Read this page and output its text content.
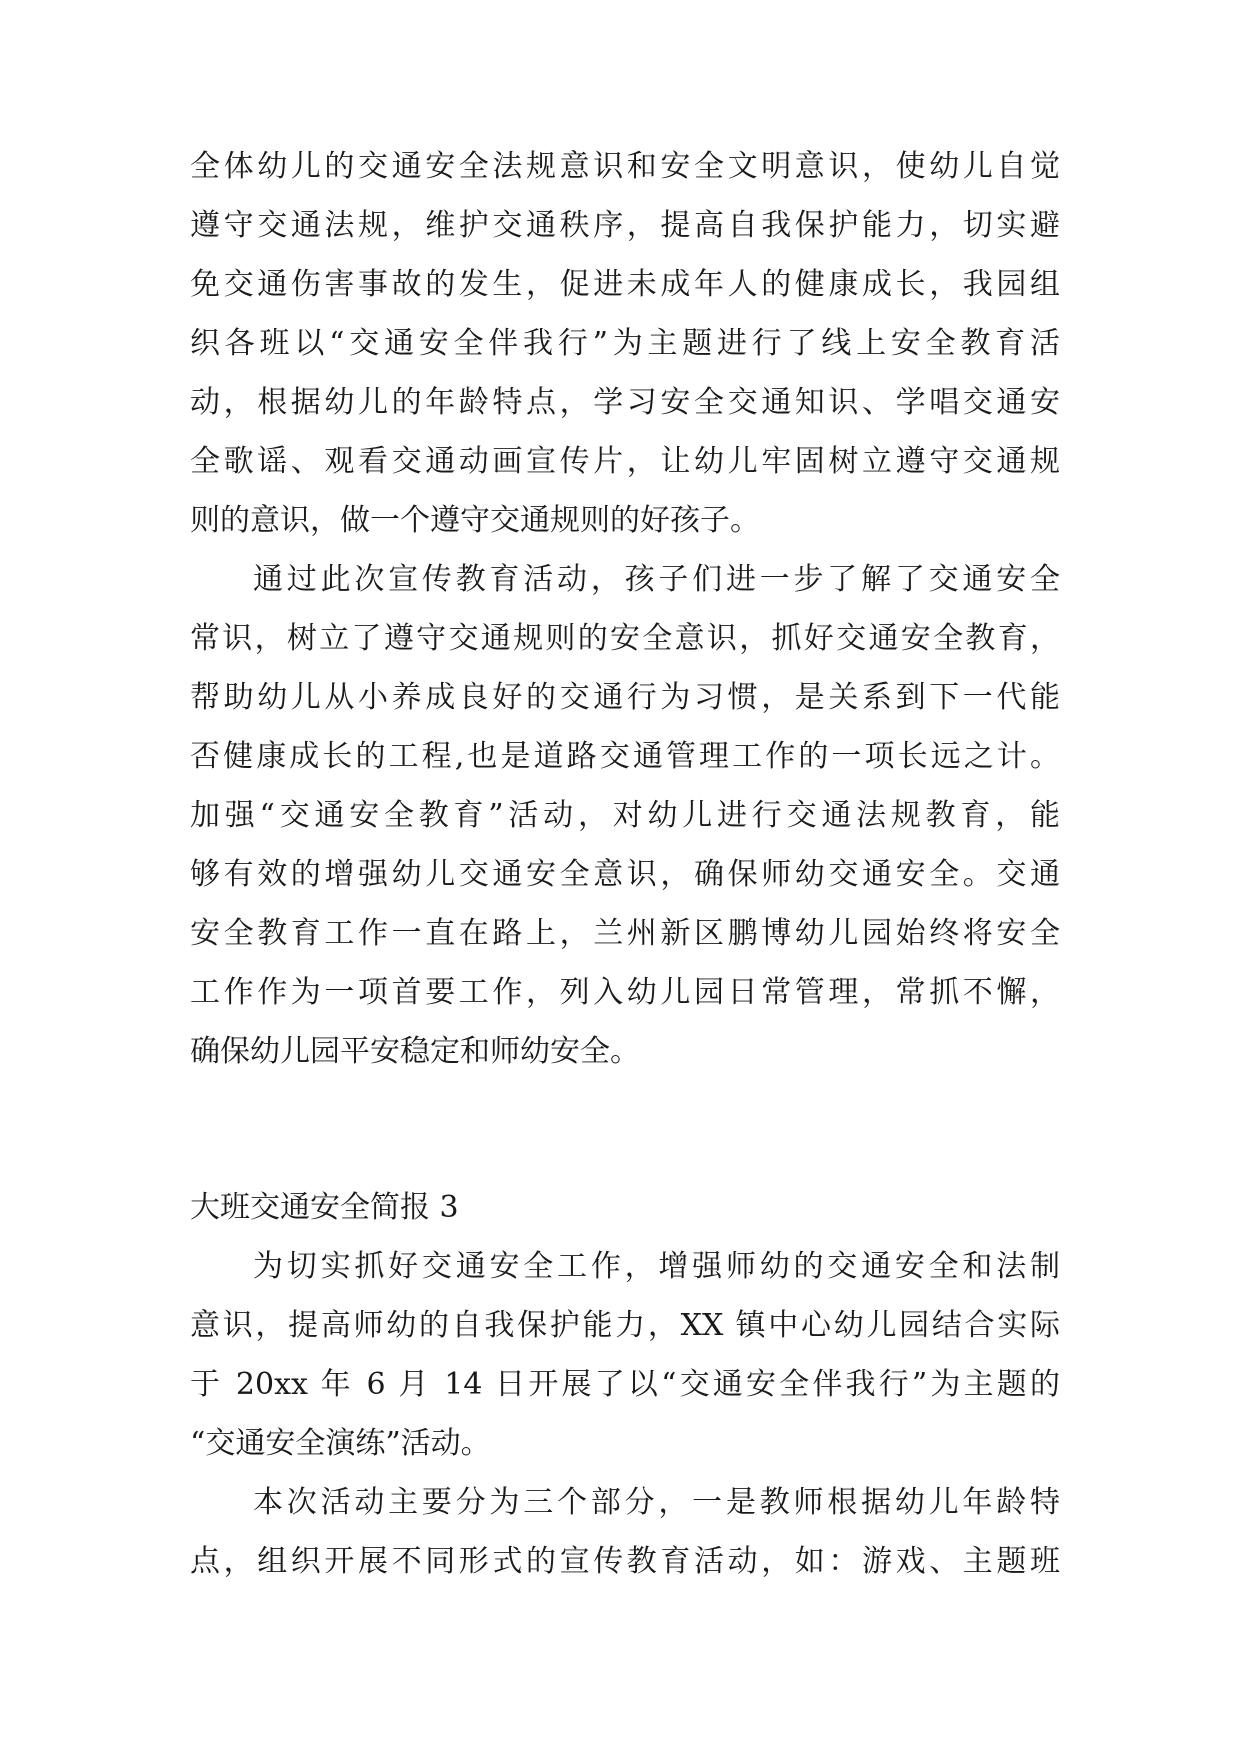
全体幼儿的交通安全法规意识和安全文明意识，使幼儿自觉
遵守交通法规，维护交通秩序，提高自我保护能力，切实避
免交通伤害事故的发生，促进未成年人的健康成长，我园组
织各班以“交通安全伴我行”为主题进行了线上安全教育活
动，根据幼儿的年龄特点，学习安全交通知识、学唱交通安
全歌谣、观看交通动画宣传片，让幼儿牢固树立遵守交通规
则的意识，做一个遵守交通规则的好孩子。
通过此次宣传教育活动，孩子们进一步了解了交通安全
常识，树立了遵守交通规则的安全意识，抓好交通安全教育，
帮助幼儿从小养成良好的交通行为习惯，是关系到下一代能
否健康成长的工程,也是道路交通管理工作的一项长远之计。
加强“交通安全教育”活动，对幼儿进行交通法规教育，能
够有效的增强幼儿交通安全意识，确保师幼交通安全。交通
安全教育工作一直在路上，兰州新区鹏博幼儿园始终将安全
工作作为一项首要工作，列入幼儿园日常管理，常抓不懈，
确保幼儿园平安稳定和师幼安全。
大班交通安全简报 3
为切实抓好交通安全工作，增强师幼的交通安全和法制
意识，提高师幼的自我保护能力，XX 镇中心幼儿园结合实际
于 20xx 年 6 月 14 日开展了以“交通安全伴我行”为主题的
“交通安全演练”活动。
本次活动主要分为三个部分，一是教师根据幼儿年龄特
点，组织开展不同形式的宣传教育活动，如：游戏、主题班
